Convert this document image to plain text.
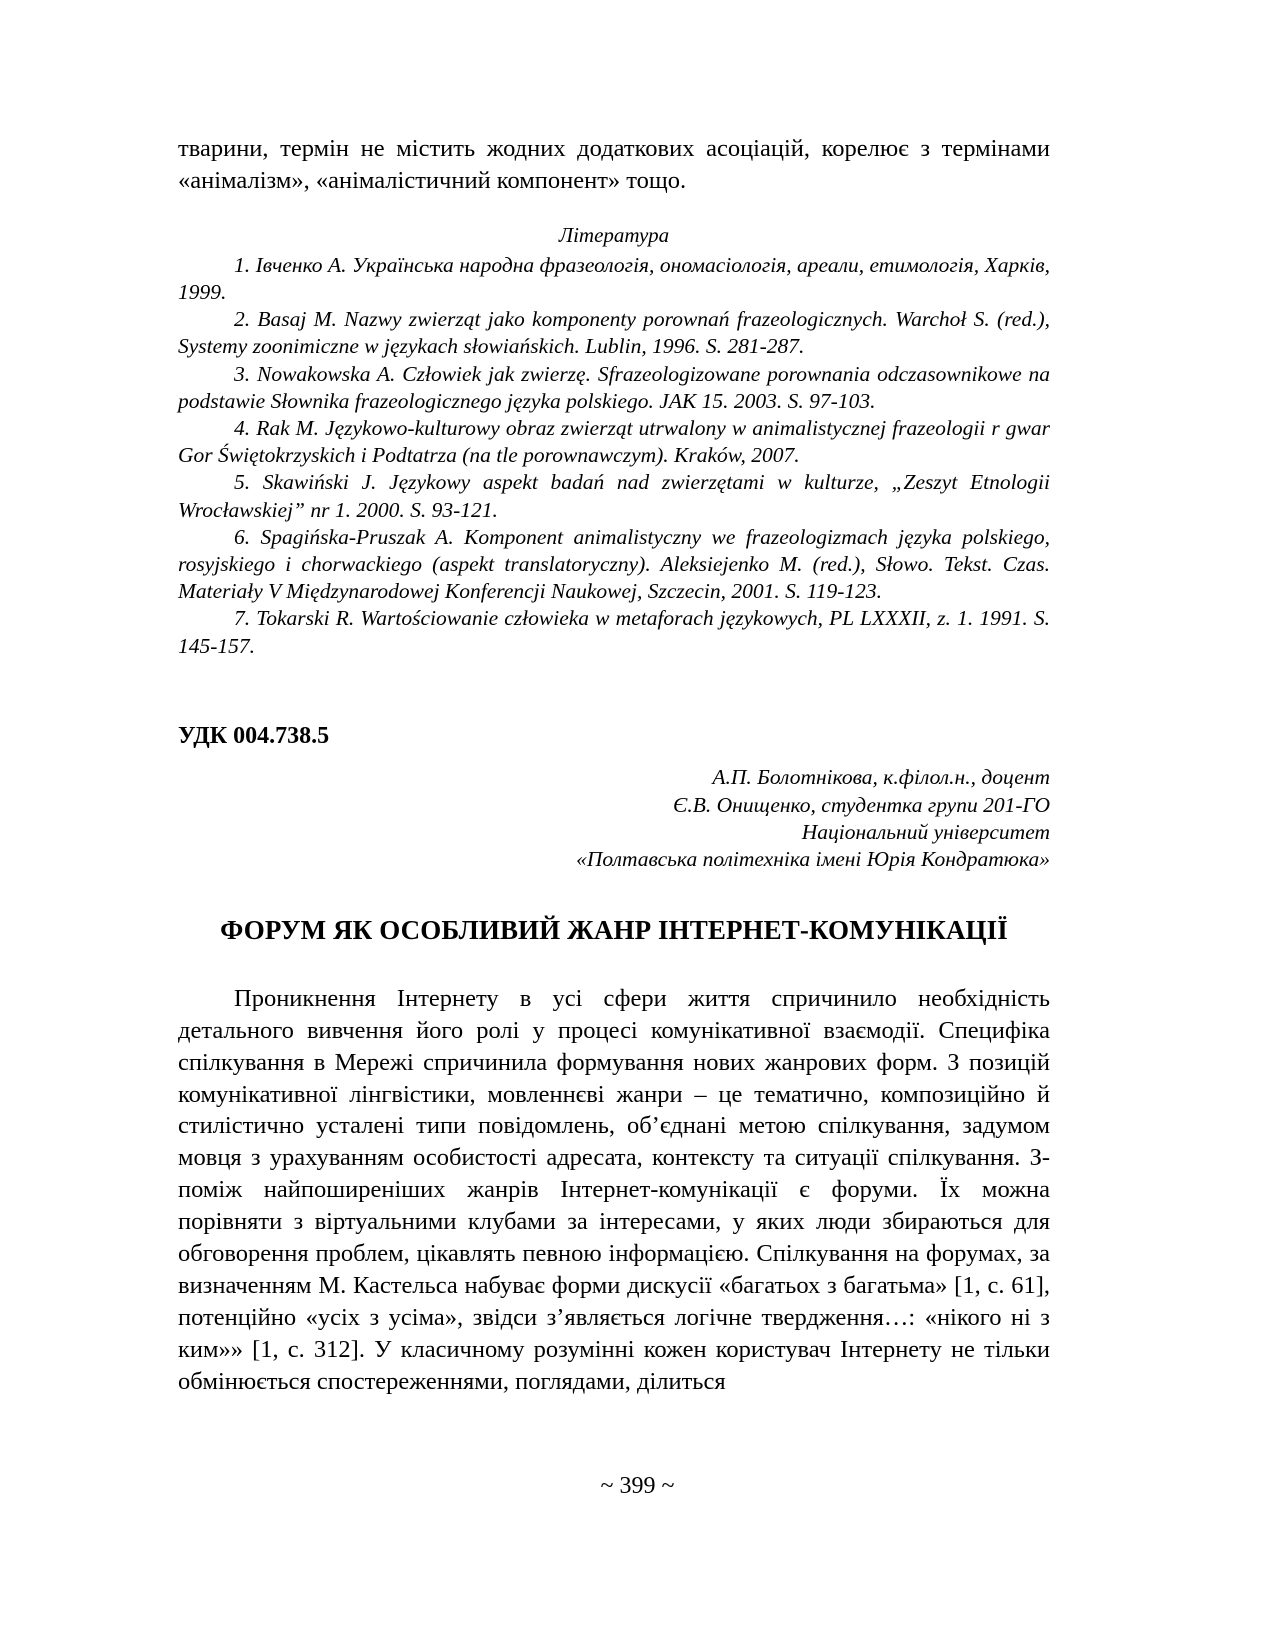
тварини, термін не містить жодних додаткових асоціацій, корелює з термінами «анімалізм», «анімалістичний компонент» тощо.

Література
1. Івченко А. Українська народна фразеологія, ономасіологія, ареали, етимологія, Харків, 1999.
2. Basaj M. Nazwy zwierząt jako komponenty porownań frazeologicznych. Warchoł S. (red.), Systemy zoonimiczne w językach słowiańskich. Lublin, 1996. S. 281-287.
3. Nowakowska A. Człowiek jak zwierzę. Sfrazeologizowane porownania odczasownikowe na podstawie Słownika frazeologicznego języka polskiego. JAK 15. 2003. S. 97-103.
4. Rak M. Językowo-kulturowy obraz zwierząt utrwalony w animalistycznej frazeologii r gwar Gor Świętokrzyskich i Podtatrza (na tle porownawczym). Kraków, 2007.
5. Skawiński J. Językowy aspekt badań nad zwierzętami w kulturze, „Zeszyt Etnologii Wrocławskiej” nr 1. 2000. S. 93-121.
6. Spagińska-Pruszak A. Komponent animalistyczny we frazeologizmach języka polskiego, rosyjskiego i chorwackiego (aspekt translatoryczny). Aleksiejenko M. (red.), Słowo. Tekst. Czas. Materiały V Międzynarodowej Konferencji Naukowej, Szczecin, 2001. S. 119-123.
7. Tokarski R. Wartościowanie człowieka w metaforach językowych, PL LXXXII, z. 1. 1991. S. 145-157.
УДК 004.738.5
А.П. Болотнікова, к.філол.н., доцент
Є.В. Онищенко, студентка групи 201-ГО
Національний університет
«Полтавська політехніка імені Юрія Кондратюка»
ФОРУМ ЯК ОСОБЛИВИЙ ЖАНР ІНТЕРНЕТ-КОМУНІКАЦІЇ

Проникнення Інтернету в усі сфери життя спричинило необхідність детального вивчення його ролі у процесі комунікативної взаємодії. Специфіка спілкування в Мережі спричинила формування нових жанрових форм. З позицій комунікативної лінгвістики, мовленнєві жанри – це тематично, композиційно й стилістично усталені типи повідомлень, об’єднані метою спілкування, задумом мовця з урахуванням особистості адресата, контексту та ситуації спілкування. З-поміж найпоширеніших жанрів Інтернет-комунікації є форуми. Їх можна порівняти з віртуальними клубами за інтересами, у яких люди збираються для обговорення проблем, цікавлять певною інформацією. Спілкування на форумах, за визначенням М. Кастельса набуває форми дискусії «багатьох з багатьма» [1, с. 61], потенційно «усіх з усіма», звідси з’являється логічне твердження…: «нікого ні з ким»» [1, с. 312]. У класичному розумінні кожен користувач Інтернету не тільки обмінюється спостереженнями, поглядами, ділиться

~ 399 ~
